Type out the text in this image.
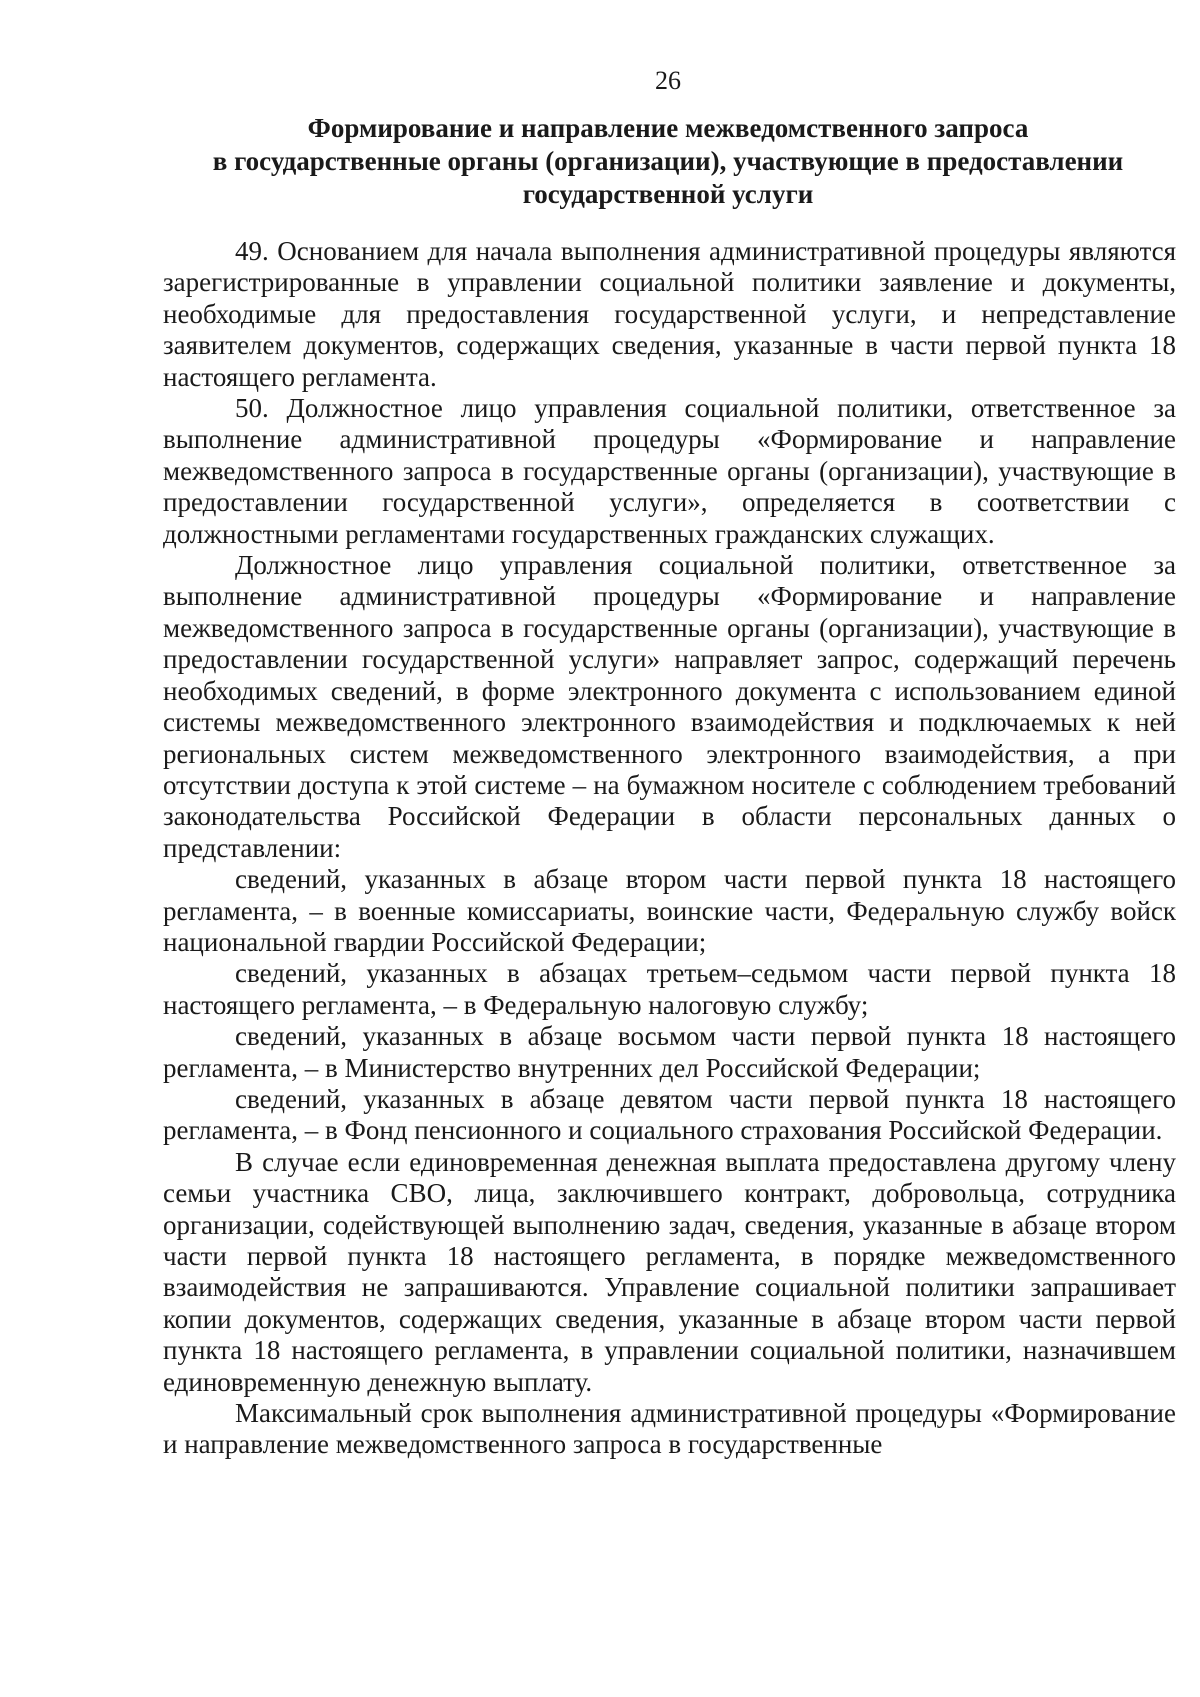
26
Формирование и направление межведомственного запроса
в государственные органы (организации), участвующие в предоставлении
государственной услуги

49. Основанием для начала выполнения административной процедуры являются зарегистрированные в управлении социальной политики заявление и документы, необходимые для предоставления государственной услуги, и непредставление заявителем документов, содержащих сведения, указанные в части первой пункта 18 настоящего регламента.

50. Должностное лицо управления социальной политики, ответственное за выполнение административной процедуры «Формирование и направление межведомственного запроса в государственные органы (организации), участвующие в предоставлении государственной услуги», определяется в соответствии с должностными регламентами государственных гражданских служащих.

Должностное лицо управления социальной политики, ответственное за выполнение административной процедуры «Формирование и направление межведомственного запроса в государственные органы (организации), участвующие в предоставлении государственной услуги» направляет запрос, содержащий перечень необходимых сведений, в форме электронного документа с использованием единой системы межведомственного электронного взаимодействия и подключаемых к ней региональных систем межведомственного электронного взаимодействия, а при отсутствии доступа к этой системе – на бумажном носителе с соблюдением требований законодательства Российской Федерации в области персональных данных о представлении:

сведений, указанных в абзаце втором части первой пункта 18 настоящего регламента, – в военные комиссариаты, воинские части, Федеральную службу войск национальной гвардии Российской Федерации;

сведений, указанных в абзацах третьем–седьмом части первой пункта 18 настоящего регламента, – в Федеральную налоговую службу;

сведений, указанных в абзаце восьмом части первой пункта 18 настоящего регламента, – в Министерство внутренних дел Российской Федерации;

сведений, указанных в абзаце девятом части первой пункта 18 настоящего регламента, – в Фонд пенсионного и социального страхования Российской Федерации.

В случае если единовременная денежная выплата предоставлена другому члену семьи участника СВО, лица, заключившего контракт, добровольца, сотрудника организации, содействующей выполнению задач, сведения, указанные в абзаце втором части первой пункта 18 настоящего регламента, в порядке межведомственного взаимодействия не запрашиваются. Управление социальной политики запрашивает копии документов, содержащих сведения, указанные в абзаце втором части первой пункта 18 настоящего регламента, в управлении социальной политики, назначившем единовременную денежную выплату.

Максимальный срок выполнения административной процедуры «Формирование и направление межведомственного запроса в государственные
